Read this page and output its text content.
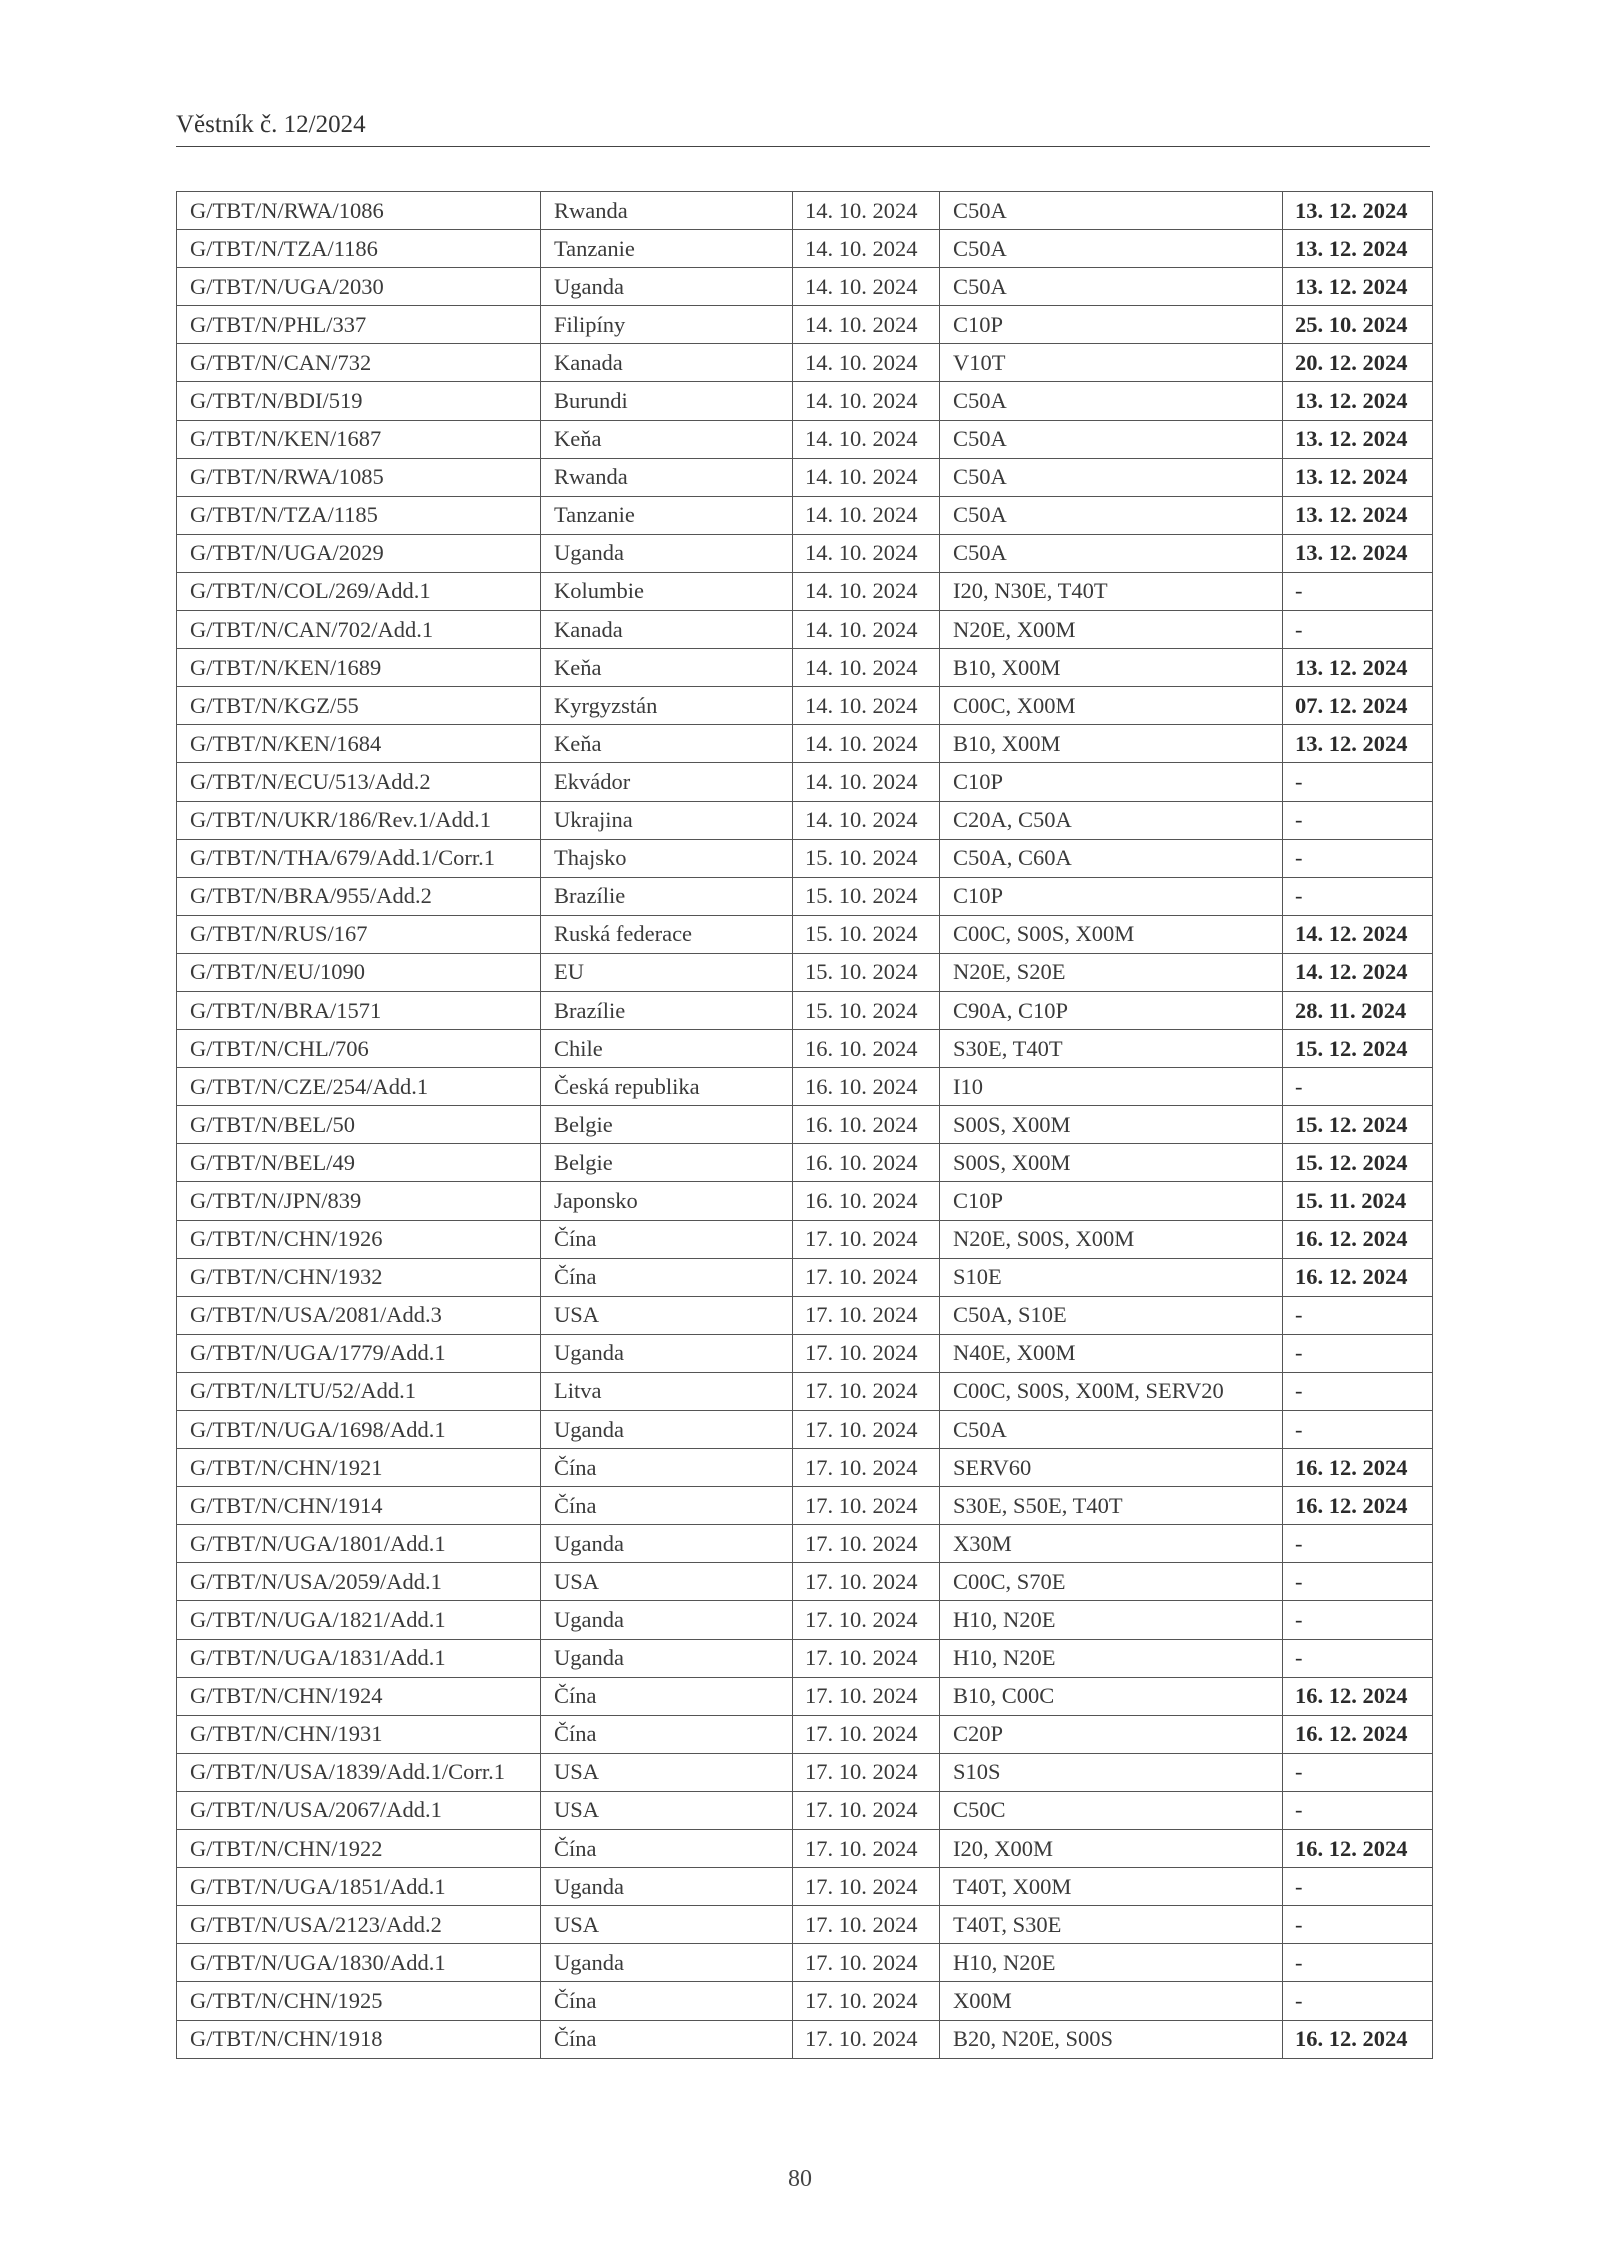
Věstník č. 12/2024
G/TBT/N/RWA/1086	Rwanda	14. 10. 2024	C50A	13. 12. 2024
G/TBT/N/TZA/1186	Tanzanie	14. 10. 2024	C50A	13. 12. 2024
G/TBT/N/UGA/2030	Uganda	14. 10. 2024	C50A	13. 12. 2024
G/TBT/N/PHL/337	Filipíny	14. 10. 2024	C10P	25. 10. 2024
G/TBT/N/CAN/732	Kanada	14. 10. 2024	V10T	20. 12. 2024
G/TBT/N/BDI/519	Burundi	14. 10. 2024	C50A	13. 12. 2024
G/TBT/N/KEN/1687	Keňa	14. 10. 2024	C50A	13. 12. 2024
G/TBT/N/RWA/1085	Rwanda	14. 10. 2024	C50A	13. 12. 2024
G/TBT/N/TZA/1185	Tanzanie	14. 10. 2024	C50A	13. 12. 2024
G/TBT/N/UGA/2029	Uganda	14. 10. 2024	C50A	13. 12. 2024
G/TBT/N/COL/269/Add.1	Kolumbie	14. 10. 2024	I20, N30E, T40T	-
G/TBT/N/CAN/702/Add.1	Kanada	14. 10. 2024	N20E, X00M	-
G/TBT/N/KEN/1689	Keňa	14. 10. 2024	B10, X00M	13. 12. 2024
G/TBT/N/KGZ/55	Kyrgyzstán	14. 10. 2024	C00C, X00M	07. 12. 2024
G/TBT/N/KEN/1684	Keňa	14. 10. 2024	B10, X00M	13. 12. 2024
G/TBT/N/ECU/513/Add.2	Ekvádor	14. 10. 2024	C10P	-
G/TBT/N/UKR/186/Rev.1/Add.1	Ukrajina	14. 10. 2024	C20A, C50A	-
G/TBT/N/THA/679/Add.1/Corr.1	Thajsko	15. 10. 2024	C50A, C60A	-
G/TBT/N/BRA/955/Add.2	Brazílie	15. 10. 2024	C10P	-
G/TBT/N/RUS/167	Ruská federace	15. 10. 2024	C00C, S00S, X00M	14. 12. 2024
G/TBT/N/EU/1090	EU	15. 10. 2024	N20E, S20E	14. 12. 2024
G/TBT/N/BRA/1571	Brazílie	15. 10. 2024	C90A, C10P	28. 11. 2024
G/TBT/N/CHL/706	Chile	16. 10. 2024	S30E, T40T	15. 12. 2024
G/TBT/N/CZE/254/Add.1	Česká republika	16. 10. 2024	I10	-
G/TBT/N/BEL/50	Belgie	16. 10. 2024	S00S, X00M	15. 12. 2024
G/TBT/N/BEL/49	Belgie	16. 10. 2024	S00S, X00M	15. 12. 2024
G/TBT/N/JPN/839	Japonsko	16. 10. 2024	C10P	15. 11. 2024
G/TBT/N/CHN/1926	Čína	17. 10. 2024	N20E, S00S, X00M	16. 12. 2024
G/TBT/N/CHN/1932	Čína	17. 10. 2024	S10E	16. 12. 2024
G/TBT/N/USA/2081/Add.3	USA	17. 10. 2024	C50A, S10E	-
G/TBT/N/UGA/1779/Add.1	Uganda	17. 10. 2024	N40E, X00M	-
G/TBT/N/LTU/52/Add.1	Litva	17. 10. 2024	C00C, S00S, X00M, SERV20	-
G/TBT/N/UGA/1698/Add.1	Uganda	17. 10. 2024	C50A	-
G/TBT/N/CHN/1921	Čína	17. 10. 2024	SERV60	16. 12. 2024
G/TBT/N/CHN/1914	Čína	17. 10. 2024	S30E, S50E, T40T	16. 12. 2024
G/TBT/N/UGA/1801/Add.1	Uganda	17. 10. 2024	X30M	-
G/TBT/N/USA/2059/Add.1	USA	17. 10. 2024	C00C, S70E	-
G/TBT/N/UGA/1821/Add.1	Uganda	17. 10. 2024	H10, N20E	-
G/TBT/N/UGA/1831/Add.1	Uganda	17. 10. 2024	H10, N20E	-
G/TBT/N/CHN/1924	Čína	17. 10. 2024	B10, C00C	16. 12. 2024
G/TBT/N/CHN/1931	Čína	17. 10. 2024	C20P	16. 12. 2024
G/TBT/N/USA/1839/Add.1/Corr.1	USA	17. 10. 2024	S10S	-
G/TBT/N/USA/2067/Add.1	USA	17. 10. 2024	C50C	-
G/TBT/N/CHN/1922	Čína	17. 10. 2024	I20, X00M	16. 12. 2024
G/TBT/N/UGA/1851/Add.1	Uganda	17. 10. 2024	T40T, X00M	-
G/TBT/N/USA/2123/Add.2	USA	17. 10. 2024	T40T, S30E	-
G/TBT/N/UGA/1830/Add.1	Uganda	17. 10. 2024	H10, N20E	-
G/TBT/N/CHN/1925	Čína	17. 10. 2024	X00M	-
G/TBT/N/CHN/1918	Čína	17. 10. 2024	B20, N20E, S00S	16. 12. 2024
80
